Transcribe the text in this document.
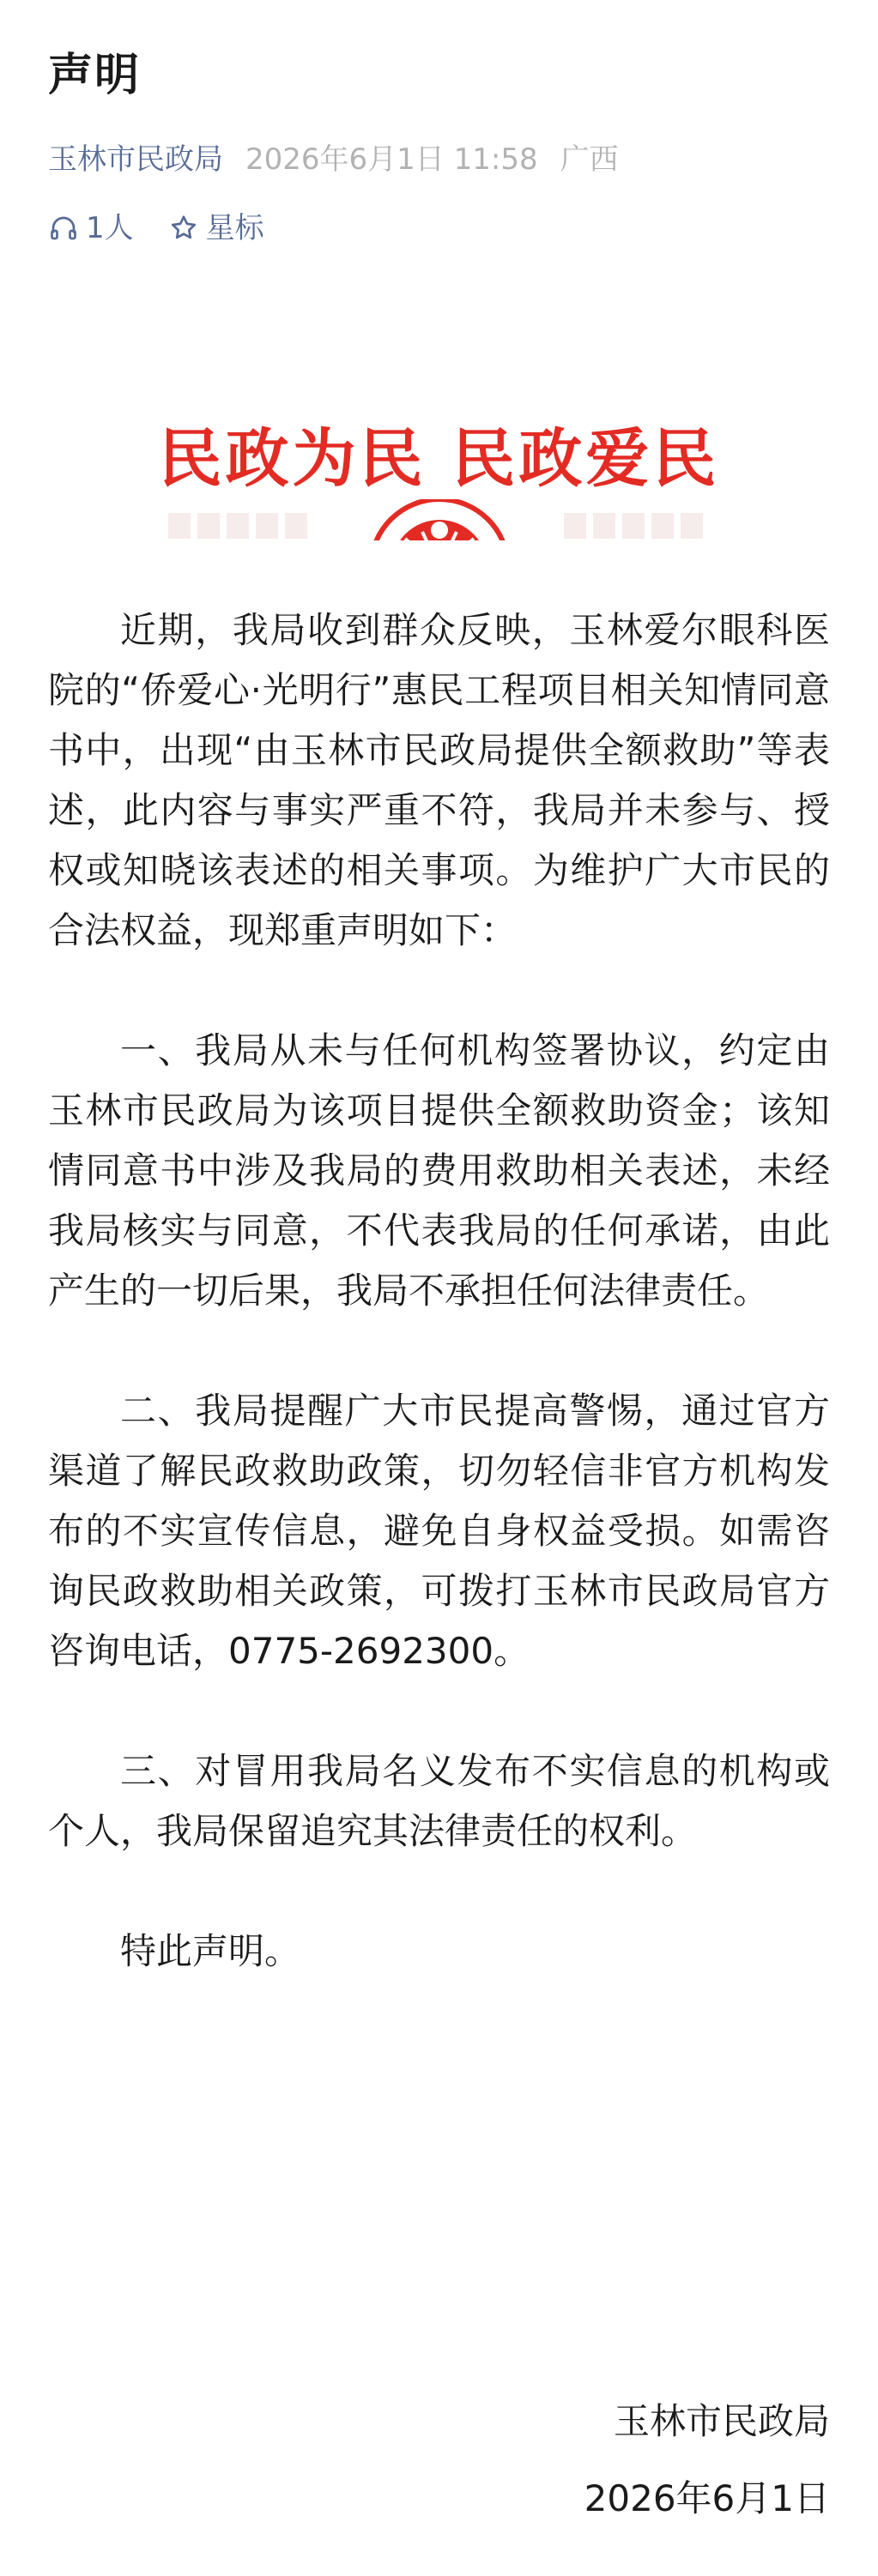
声明
玉林市民政局 2026年6月1日 11:58 广西
1人 星标
民政为民 民政爱民

近期，我局收到群众反映，玉林爱尔眼科医院的“侨爱心·光明行”惠民工程项目相关知情同意书中，出现“由玉林市民政局提供全额救助”等表述，此内容与事实严重不符，我局并未参与、授权或知晓该表述的相关事项。为维护广大市民的合法权益，现郑重声明如下：

一、我局从未与任何机构签署协议，约定由玉林市民政局为该项目提供全额救助资金；该知情同意书中涉及我局的费用救助相关表述，未经我局核实与同意，不代表我局的任何承诺，由此产生的一切后果，我局不承担任何法律责任。

二、我局提醒广大市民提高警惕，通过官方渠道了解民政救助政策，切勿轻信非官方机构发布的不实宣传信息，避免自身权益受损。如需咨询民政救助相关政策，可拨打玉林市民政局官方咨询电话，0775-2692300。

三、对冒用我局名义发布不实信息的机构或个人，我局保留追究其法律责任的权利。

特此声明。

玉林市民政局
2026年6月1日
